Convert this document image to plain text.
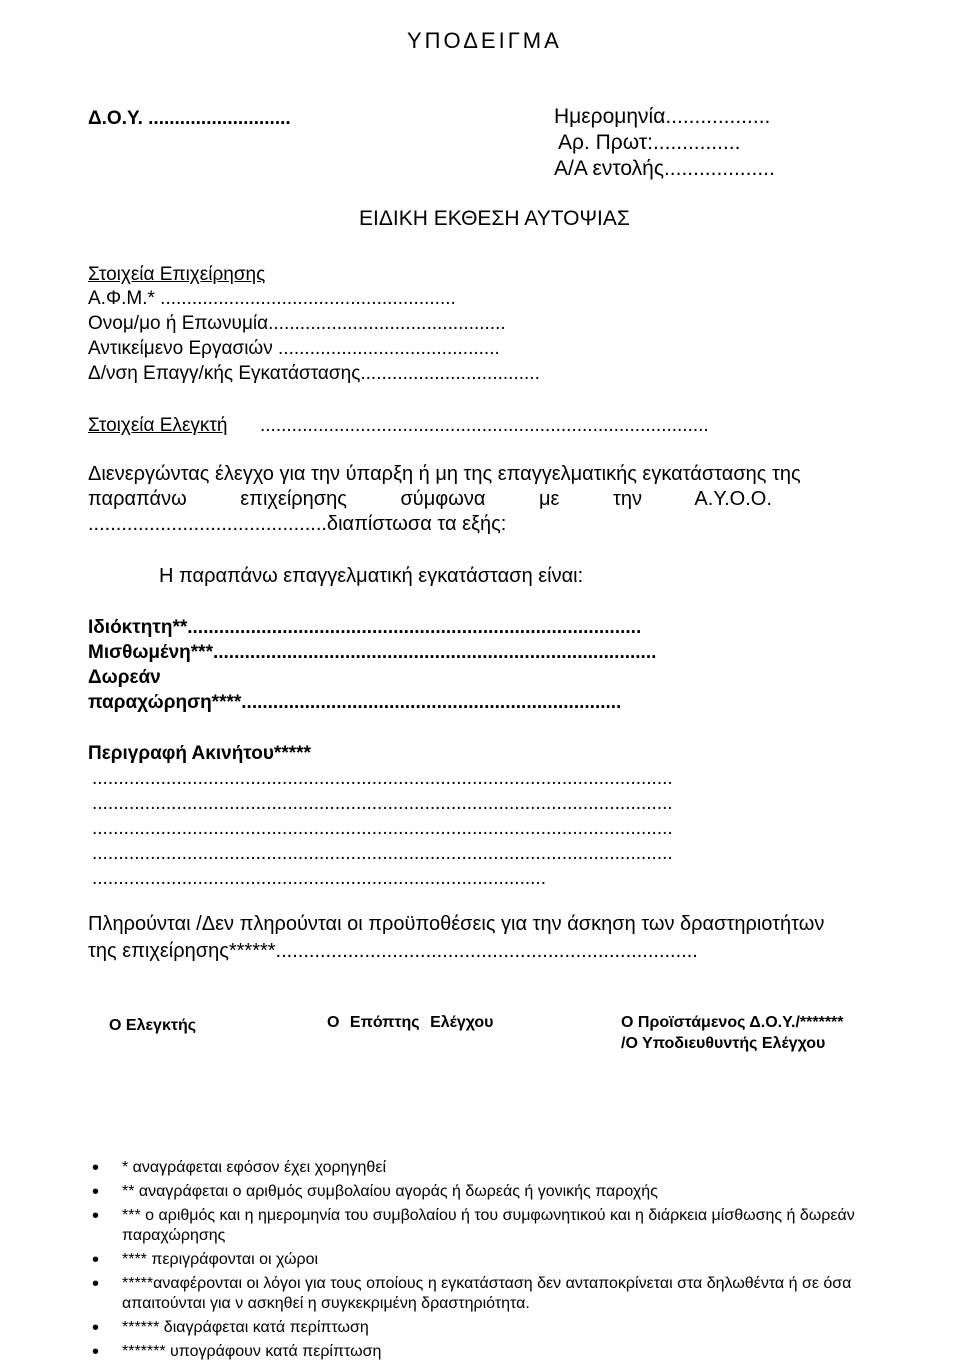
ΥΠΟΔΕΙΓΜΑ
Δ.Ο.Υ. ...........................	Ημερομηνία..................
Αρ. Πρωτ:...............
Α/Α εντολής...................
ΕΙΔΙΚΗ ΕΚΘΕΣΗ ΑΥΤΟΨΙΑΣ
Στοιχεία Επιχείρησης
Α.Φ.Μ.* ........................................................
Ονομ/μο ή Επωνυμία.............................................
Αντικείμενο Εργασιών ..........................................
Δ/νση Επαγγ/κής Εγκατάστασης..................................
Στοιχεία Ελεγκτή .....................................................................................
Διενεργώντας έλεγχο για την ύπαρξη ή μη της επαγγελματικής εγκατάστασης της
παραπάνω επιχείρησης σύμφωνα με την Α.Υ.Ο.Ο.
...........................................διαπίστωσα τα εξής:
Η παραπάνω επαγγελματική εγκατάσταση είναι:
Ιδιόκτητη**......................................................................................
Μισθωμένη***....................................................................................
Δωρεάν
παραχώρηση****........................................................................
Περιγραφή Ακινήτου*****
..............................................................................................................
..............................................................................................................
..............................................................................................................
..............................................................................................................
......................................................................................
Πληρούνται /Δεν πληρούνται οι προϋποθέσεις για την άσκηση των δραστηριοτήτων
της επιχείρησης******............................................................................
Ο Ελεγκτής	Ο Επόπτης Ελέγχου	Ο Προϊστάμενος Δ.Ο.Υ./*******
/Ο Υποδιευθυντής Ελέγχου
• * αναγράφεται εφόσον έχει χορηγηθεί
• ** αναγράφεται ο αριθμός συμβολαίου αγοράς ή δωρεάς ή γονικής παροχής
• *** ο αριθμός και η ημερομηνία του συμβολαίου ή του συμφωνητικού και η διάρκεια μίσθωσης ή δωρεάν παραχώρησης
• **** περιγράφονται οι χώροι
• *****αναφέρονται οι λόγοι για τους οποίους η εγκατάσταση δεν ανταποκρίνεται στα δηλωθέντα ή σε όσα απαιτούνται για ν ασκηθεί η συγκεκριμένη δραστηριότητα.
• ****** διαγράφεται κατά περίπτωση
• ******* υπογράφουν κατά περίπτωση
